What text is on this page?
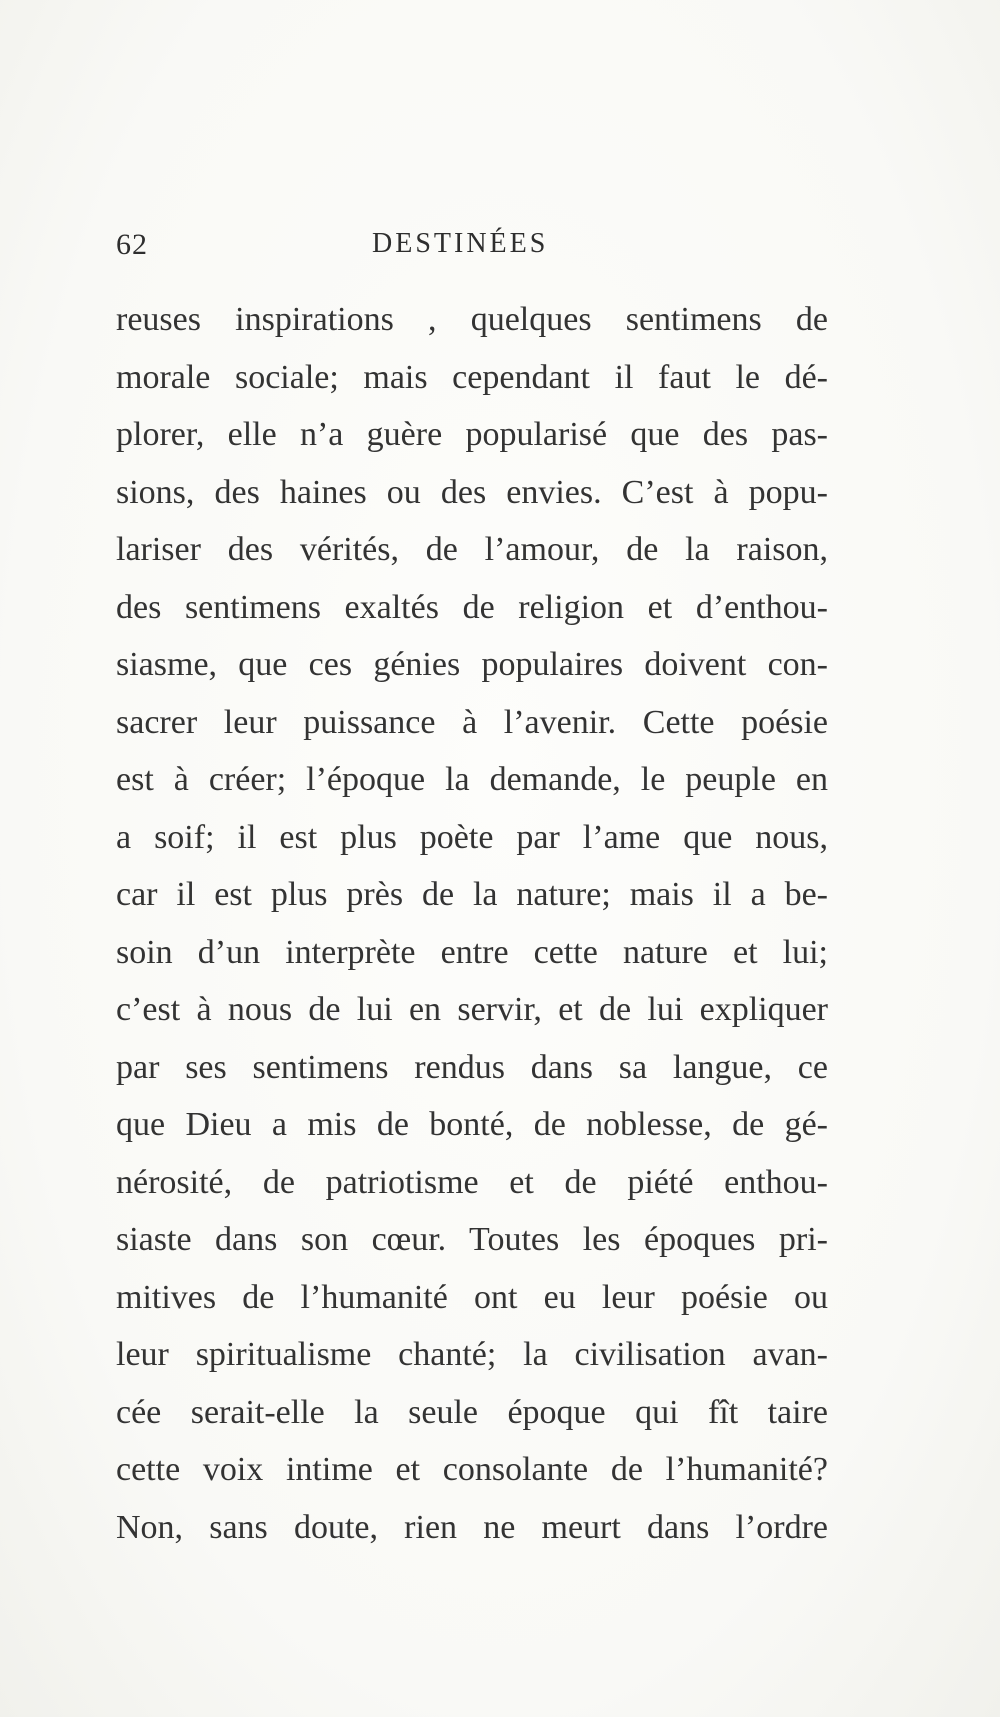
62	DESTINÉES
reuses inspirations , quelques sentimens de
morale sociale; mais cependant il faut le dé-
plorer, elle n’a guère popularisé que des pas-
sions, des haines ou des envies. C’est à popu-
lariser des vérités, de l’amour, de la raison,
des sentimens exaltés de religion et d’enthou-
siasme, que ces génies populaires doivent con-
sacrer leur puissance à l’avenir. Cette poésie
est à créer; l’époque la demande, le peuple en
a soif; il est plus poète par l’ame que nous,
car il est plus près de la nature; mais il a be-
soin d’un interprète entre cette nature et lui;
c’est à nous de lui en servir, et de lui expliquer
par ses sentimens rendus dans sa langue, ce
que Dieu a mis de bonté, de noblesse, de gé-
nérosité, de patriotisme et de piété enthou-
siaste dans son cœur. Toutes les époques pri-
mitives de l’humanité ont eu leur poésie ou
leur spiritualisme chanté; la civilisation avan-
cée serait-elle la seule époque qui fît taire
cette voix intime et consolante de l’humanité?
Non, sans doute, rien ne meurt dans l’ordre
